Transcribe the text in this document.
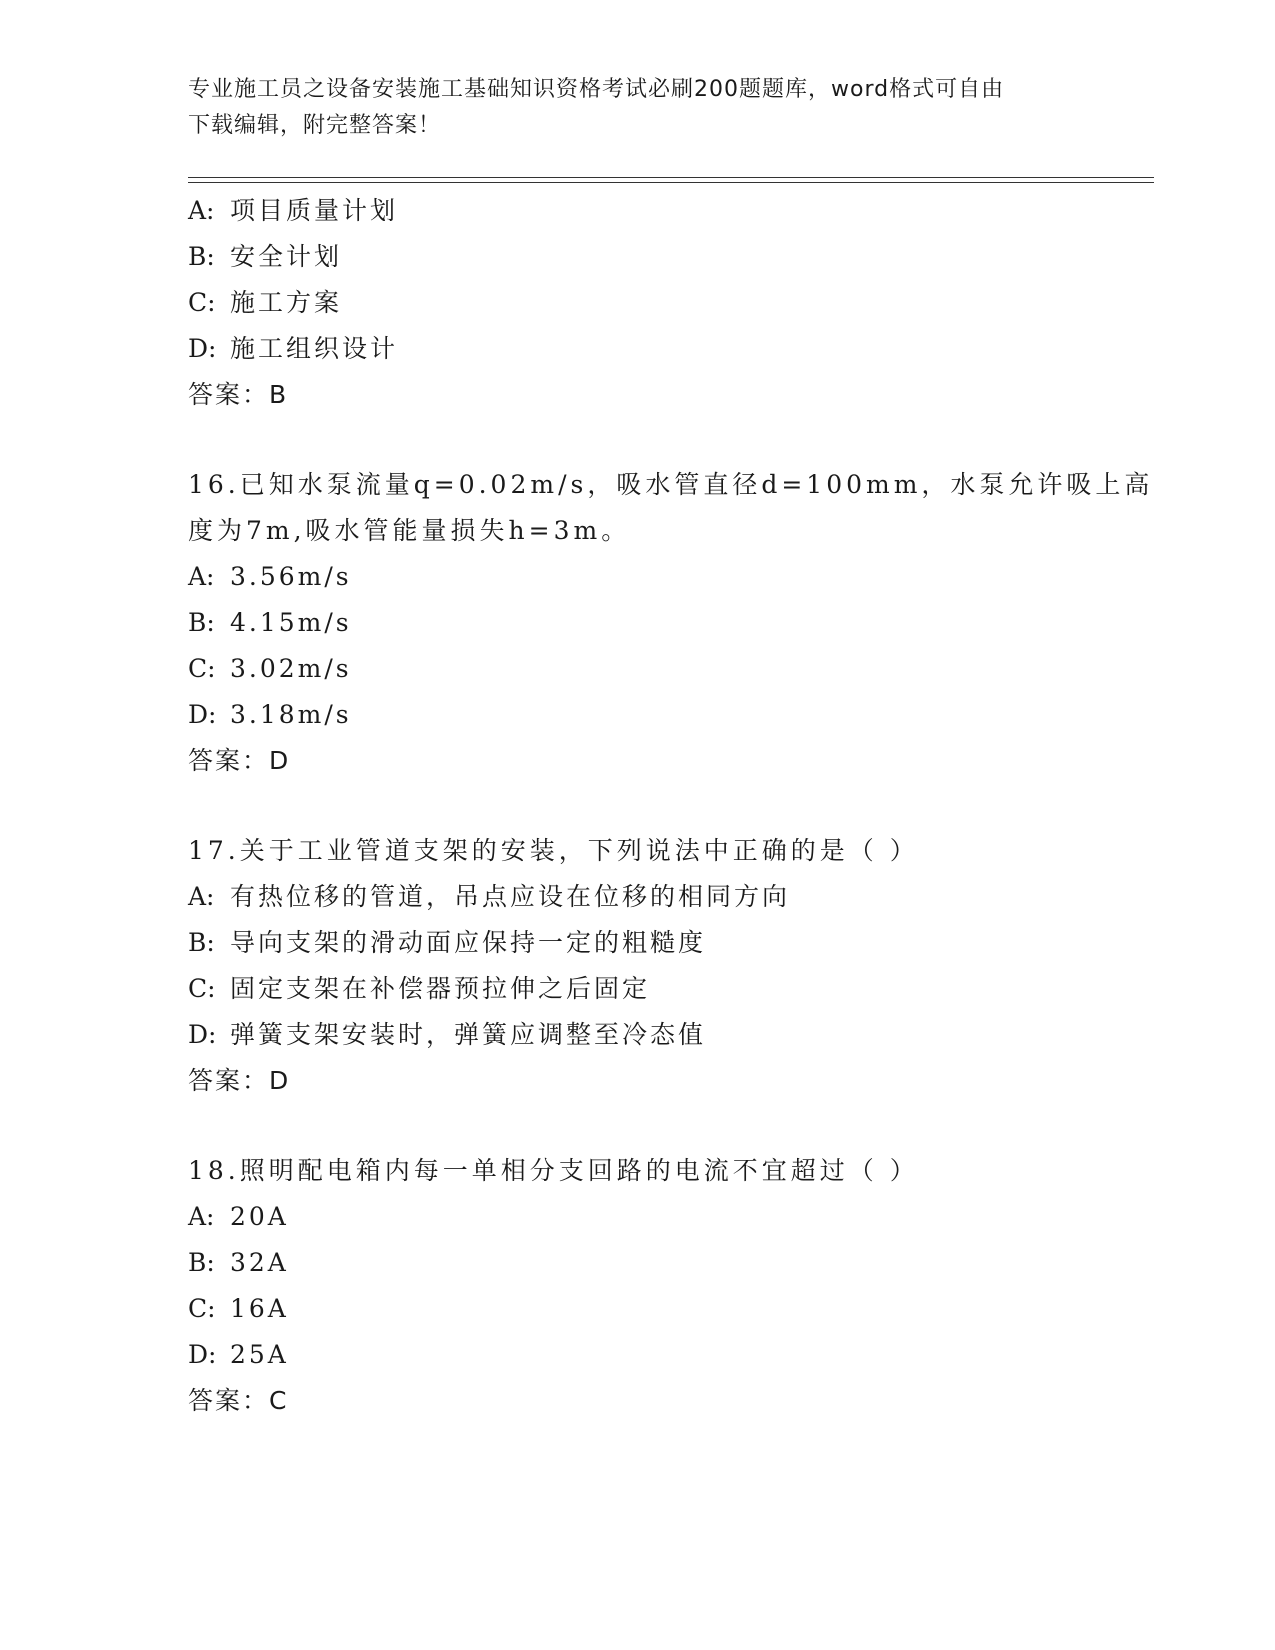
专业施工员之设备安装施工基础知识资格考试必刷200题题库，word格式可自由
下载编辑，附完整答案！
A: 项目质量计划
B: 安全计划
C: 施工方案
D: 施工组织设计
答案：B
16.已知水泵流量q=0.02m/s，吸水管直径d=100mm，水泵允许吸上高
度为7m,吸水管能量损失h=3m。
A: 3.56m/s
B: 4.15m/s
C: 3.02m/s
D: 3.18m/s
答案：D
17.关于工业管道支架的安装，下列说法中正确的是（ ）
A: 有热位移的管道，吊点应设在位移的相同方向
B: 导向支架的滑动面应保持一定的粗糙度
C: 固定支架在补偿器预拉伸之后固定
D: 弹簧支架安装时，弹簧应调整至冷态值
答案：D
18.照明配电箱内每一单相分支回路的电流不宜超过（ ）
A: 20A
B: 32A
C: 16A
D: 25A
答案：C
